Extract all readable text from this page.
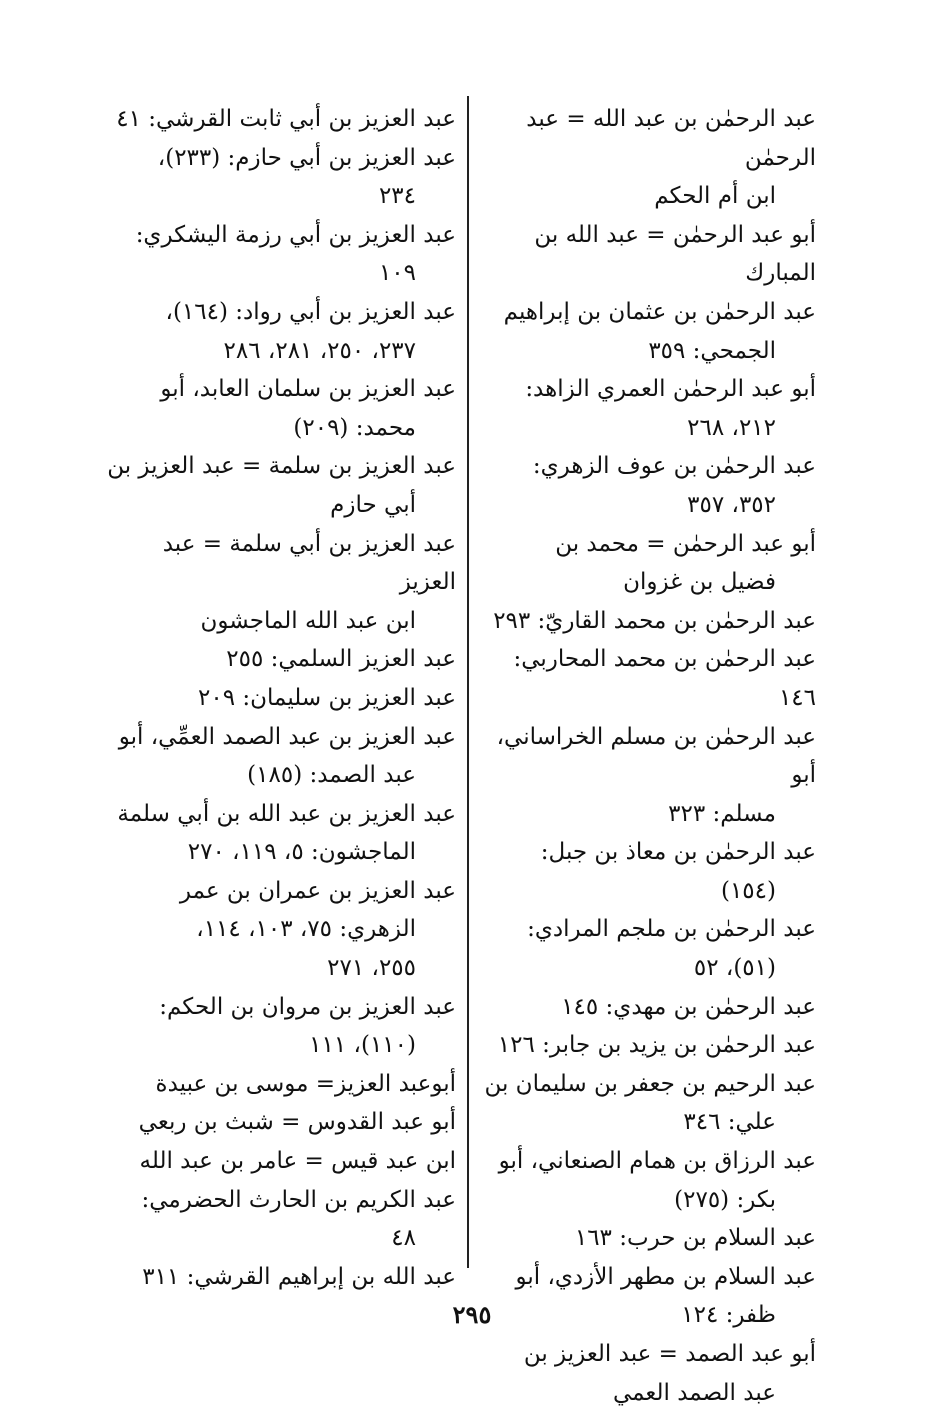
عبد الرحمٰن بن عبد الله = عبد الرحمٰن
ابن أم الحكم
أبو عبد الرحمٰن = عبد الله بن المبارك
عبد الرحمٰن بن عثمان بن إبراهيم
الجمحي: ٣٥٩
أبو عبد الرحمٰن العمري الزاهد:
٢١٢، ٢٦٨
عبد الرحمٰن بن عوف الزهري:
٣٥٢، ٣٥٧
أبو عبد الرحمٰن = محمد بن
فضيل بن غزوان
عبد الرحمٰن بن محمد القاريّ: ٢٩٣
عبد الرحمٰن بن محمد المحاربي: ١٤٦
عبد الرحمٰن بن مسلم الخراساني، أبو
مسلم: ٣٢٣
عبد الرحمٰن بن معاذ بن جبل:
(١٥٤)
عبد الرحمٰن بن ملجم المرادي:
(٥١)، ٥٢
عبد الرحمٰن بن مهدي: ١٤٥
عبد الرحمٰن بن يزيد بن جابر: ١٢٦
عبد الرحيم بن جعفر بن سليمان بن
علي: ٣٤٦
عبد الرزاق بن همام الصنعاني، أبو
بكر: (٢٧٥)
عبد السلام بن حرب: ١٦٣
عبد السلام بن مطهر الأزدي، أبو
ظفر: ١٢٤
أبو عبد الصمد = عبد العزيز بن
عبد الصمد العمي
عبد العزيز بن أبي ثابت القرشي: ٤١
عبد العزيز بن أبي حازم: (٢٣٣)،
٢٣٤
عبد العزيز بن أبي رزمة اليشكري:
١٠٩
عبد العزيز بن أبي رواد: (١٦٤)،
٢٣٧، ٢٥٠، ٢٨١، ٢٨٦
عبد العزيز بن سلمان العابد، أبو
محمد: (٢٠٩)
عبد العزيز بن سلمة = عبد العزيز بن
أبي حازم
عبد العزيز بن أبي سلمة = عبد العزيز
ابن عبد الله الماجشون
عبد العزيز السلمي: ٢٥٥
عبد العزيز بن سليمان: ٢٠٩
عبد العزيز بن عبد الصمد العمِّي، أبو
عبد الصمد: (١٨٥)
عبد العزيز بن عبد الله بن أبي سلمة
الماجشون: ٥، ١١٩، ٢٧٠
عبد العزيز بن عمران بن عمر
الزهري: ٧٥، ١٠٣، ١١٤،
٢٥٥، ٢٧١
عبد العزيز بن مروان بن الحكم:
(١١٠)، ١١١
أبوعبد العزيز= موسى بن عبيدة
أبو عبد القدوس = شبث بن ربعي
ابن عبد قيس = عامر بن عبد الله
عبد الكريم بن الحارث الحضرمي:
٤٨
عبد الله بن إبراهيم القرشي: ٣١١
٢٩٥
